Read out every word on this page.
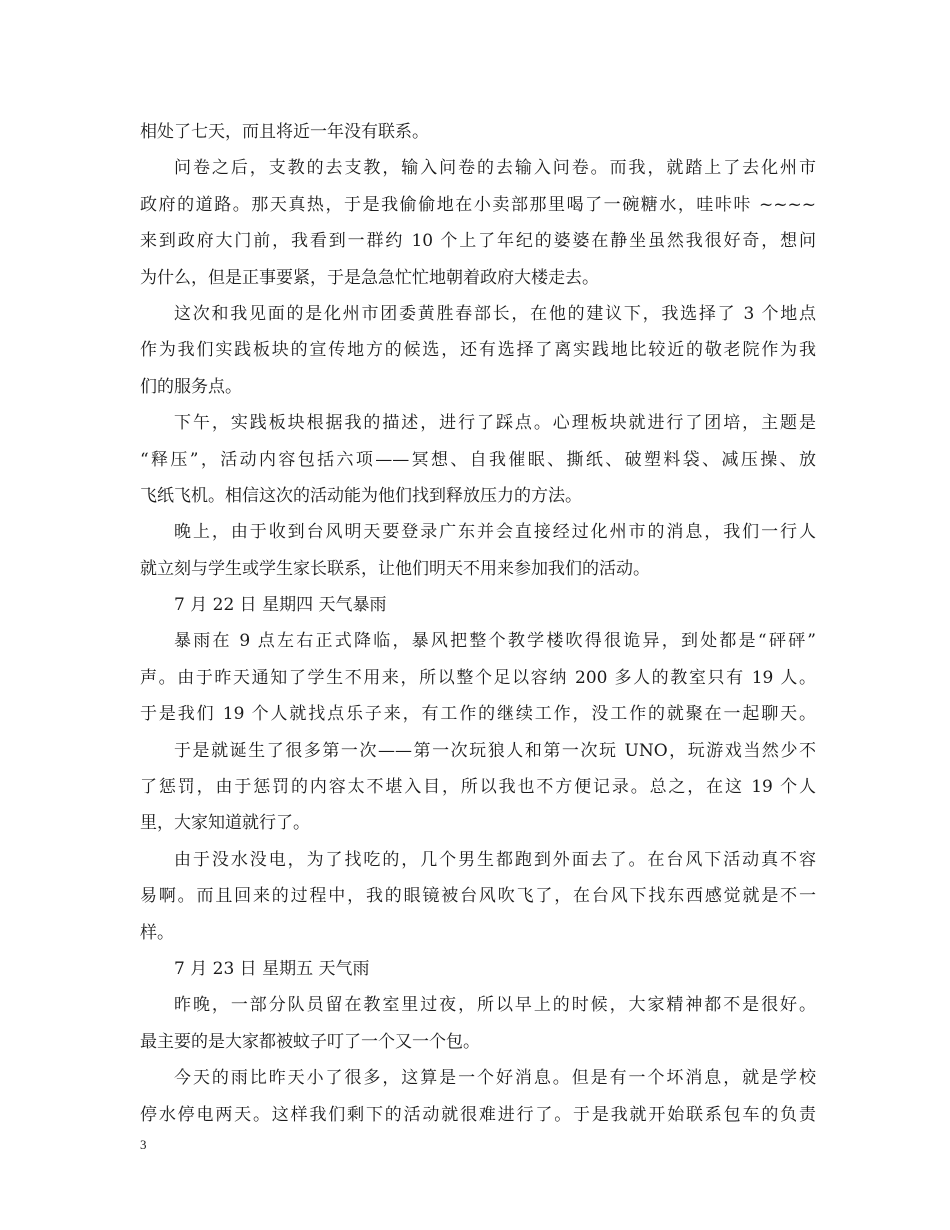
相处了七天，而且将近一年没有联系。
问卷之后，支教的去支教，输入问卷的去输入问卷。而我，就踏上了去化州市
政府的道路。那天真热，于是我偷偷地在小卖部那里喝了一碗糖水，哇咔咔 ~~~~
来到政府大门前，我看到一群约 10 个上了年纪的婆婆在静坐虽然我很好奇，想问
为什么，但是正事要紧，于是急急忙忙地朝着政府大楼走去。
这次和我见面的是化州市团委黄胜春部长，在他的建议下，我选择了 3 个地点
作为我们实践板块的宣传地方的候选，还有选择了离实践地比较近的敬老院作为我
们的服务点。
下午，实践板块根据我的描述，进行了踩点。心理板块就进行了团培，主题是
“释压”，活动内容包括六项——冥想、自我催眠、撕纸、破塑料袋、减压操、放
飞纸飞机。相信这次的活动能为他们找到释放压力的方法。
晚上，由于收到台风明天要登录广东并会直接经过化州市的消息，我们一行人
就立刻与学生或学生家长联系，让他们明天不用来参加我们的活动。
7 月 22 日 星期四 天气暴雨
暴雨在 9 点左右正式降临，暴风把整个教学楼吹得很诡异，到处都是“砰砰”
声。由于昨天通知了学生不用来，所以整个足以容纳 200 多人的教室只有 19 人。
于是我们 19 个人就找点乐子来，有工作的继续工作，没工作的就聚在一起聊天。
于是就诞生了很多第一次——第一次玩狼人和第一次玩 UNO，玩游戏当然少不
了惩罚，由于惩罚的内容太不堪入目，所以我也不方便记录。总之，在这 19 个人
里，大家知道就行了。
由于没水没电，为了找吃的，几个男生都跑到外面去了。在台风下活动真不容
易啊。而且回来的过程中，我的眼镜被台风吹飞了，在台风下找东西感觉就是不一
样。
7 月 23 日 星期五 天气雨
昨晚，一部分队员留在教室里过夜，所以早上的时候，大家精神都不是很好。
最主要的是大家都被蚊子叮了一个又一个包。
今天的雨比昨天小了很多，这算是一个好消息。但是有一个坏消息，就是学校
停水停电两天。这样我们剩下的活动就很难进行了。于是我就开始联系包车的负责
3
